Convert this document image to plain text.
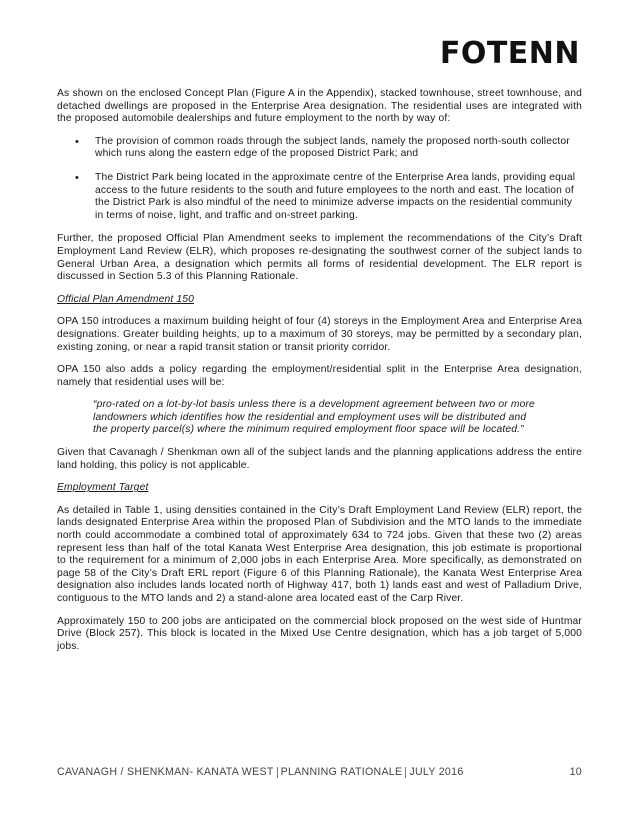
FOTENN

As shown on the enclosed Concept Plan (Figure A in the Appendix), stacked townhouse, street townhouse, and detached dwellings are proposed in the Enterprise Area designation. The residential uses are integrated with the proposed automobile dealerships and future employment to the north by way of:

• The provision of common roads through the subject lands, namely the proposed north-south collector which runs along the eastern edge of the proposed District Park; and
• The District Park being located in the approximate centre of the Enterprise Area lands, providing equal access to the future residents to the south and future employees to the north and east. The location of the District Park is also mindful of the need to minimize adverse impacts on the residential community in terms of noise, light, and traffic and on-street parking.

Further, the proposed Official Plan Amendment seeks to implement the recommendations of the City’s Draft Employment Land Review (ELR), which proposes re-designating the southwest corner of the subject lands to General Urban Area, a designation which permits all forms of residential development. The ELR report is discussed in Section 5.3 of this Planning Rationale.

Official Plan Amendment 150

OPA 150 introduces a maximum building height of four (4) storeys in the Employment Area and Enterprise Area designations. Greater building heights, up to a maximum of 30 storeys, may be permitted by a secondary plan, existing zoning, or near a rapid transit station or transit priority corridor.

OPA 150 also adds a policy regarding the employment/residential split in the Enterprise Area designation, namely that residential uses will be:

“pro-rated on a lot-by-lot basis unless there is a development agreement between two or more landowners which identifies how the residential and employment uses will be distributed and the property parcel(s) where the minimum required employment floor space will be located.”

Given that Cavanagh / Shenkman own all of the subject lands and the planning applications address the entire land holding, this policy is not applicable.

Employment Target

As detailed in Table 1, using densities contained in the City’s Draft Employment Land Review (ELR) report, the lands designated Enterprise Area within the proposed Plan of Subdivision and the MTO lands to the immediate north could accommodate a combined total of approximately 634 to 724 jobs. Given that these two (2) areas represent less than half of the total Kanata West Enterprise Area designation, this job estimate is proportional to the requirement for a minimum of 2,000 jobs in each Enterprise Area. More specifically, as demonstrated on page 58 of the City’s Draft ERL report (Figure 6 of this Planning Rationale), the Kanata West Enterprise Area designation also includes lands located north of Highway 417, both 1) lands east and west of Palladium Drive, contiguous to the MTO lands and 2) a stand-alone area located east of the Carp River.

Approximately 150 to 200 jobs are anticipated on the commercial block proposed on the west side of Huntmar Drive (Block 257). This block is located in the Mixed Use Centre designation, which has a job target of 5,000 jobs.

CAVANAGH / SHENKMAN- KANATA WEST PLANNING RATIONALE JULY 2016	10
